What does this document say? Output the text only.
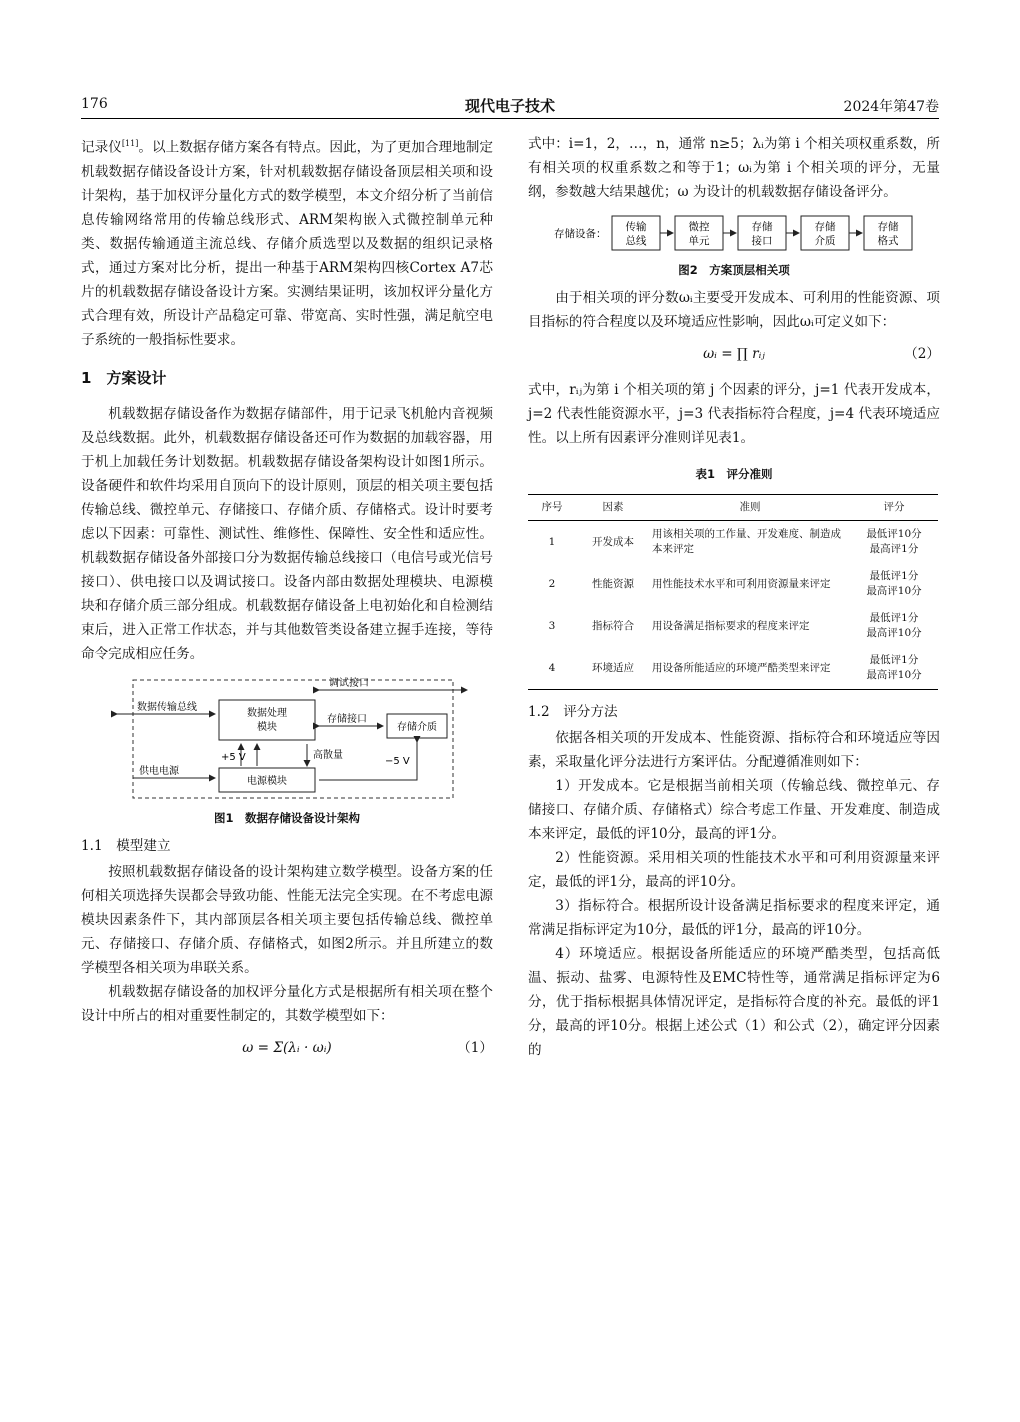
176	现代电子技术	2024年第47卷

记录仪[11]。以上数据存储方案各有特点。因此，为了更加合理地制定机载数据存储设备设计方案，针对机载数据存储设备顶层相关项和设计架构，基于加权评分量化方式的数学模型，本文介绍分析了当前信息传输网络常用的传输总线形式、ARM架构嵌入式微控制单元种类、数据传输通道主流总线、存储介质选型以及数据的组织记录格式，通过方案对比分析，提出一种基于ARM架构四核Cortex A7芯片的机载数据存储设备设计方案。实测结果证明，该加权评分量化方式合理有效，所设计产品稳定可靠、带宽高、实时性强，满足航空电子系统的一般指标性要求。

1　方案设计

机载数据存储设备作为数据存储部件，用于记录飞机舱内音视频及总线数据。此外，机载数据存储设备还可作为数据的加载容器，用于机上加载任务计划数据。机载数据存储设备架构设计如图1所示。设备硬件和软件均采用自顶向下的设计原则，顶层的相关项主要包括传输总线、微控单元、存储接口、存储介质、存储格式。设计时要考虑以下因素：可靠性、测试性、维修性、保障性、安全性和适应性。机载数据存储设备外部接口分为数据传输总线接口（电信号或光信号接口）、供电接口以及调试接口。设备内部由数据处理模块、电源模块和存储介质三部分组成。机载数据存储设备上电初始化和自检测结束后，进入正常工作状态，并与其他数管类设备建立握手连接，等待命令完成相应任务。

数据处理
模块	存储介质
电源模块
调试接口
数据传输总线
存储接口
+5 V	高散量
−5 V
供电电源
图1　数据存储设备设计架构
1.1　模型建立

按照机载数据存储设备的设计架构建立数学模型。设备方案的任何相关项选择失误都会导致功能、性能无法完全实现。在不考虑电源模块因素条件下，其内部顶层各相关项主要包括传输总线、微控单元、存储接口、存储介质、存储格式，如图2所示。并且所建立的数学模型各相关项为串联关系。

机载数据存储设备的加权评分量化方式是根据所有相关项在整个设计中所占的相对重要性制定的，其数学模型如下：

ω = Σ(λᵢ · ωᵢ)	（1）

式中：i=1，2，…，n，通常 n≥5；λᵢ为第 i 个相关项权重系数，所有相关项的权重系数之和等于1；ωᵢ为第 i 个相关项的评分，无量纲，参数越大结果越优；ω 为设计的机载数据存储设备评分。

存储设备：
传输
总线
微控
单元
存储
接口
存储
介质
存储
格式
图2　方案顶层相关项

由于相关项的评分数ωᵢ主要受开发成本、可利用的性能资源、项目指标的符合程度以及环境适应性影响，因此ωᵢ可定义如下：

ωᵢ = ∏ rᵢⱼ	（2）

式中，rᵢⱼ为第 i 个相关项的第 j 个因素的评分，j=1 代表开发成本，j=2 代表性能资源水平，j=3 代表指标符合程度，j=4 代表环境适应性。以上所有因素评分准则详见表1。

表1　评分准则
序号	因素	准则	评分
1	开发成本	用该相关项的工作量、开发难度、制造成本来评定	最低评10分
最高评1分

2	性能资源	用性能技术水平和可利用资源量来评定	最低评1分
最高评10分

3	指标符合	用设备满足指标要求的程度来评定	最低评1分
最高评10分

4	环境适应	用设备所能适应的环境严酷类型来评定	最低评1分
最高评10分
1.2　评分方法

依据各相关项的开发成本、性能资源、指标符合和环境适应等因素，采取量化评分法进行方案评估。分配遵循准则如下：

1）开发成本。它是根据当前相关项（传输总线、微控单元、存储接口、存储介质、存储格式）综合考虑工作量、开发难度、制造成本来评定，最低的评10分，最高的评1分。

2）性能资源。采用相关项的性能技术水平和可利用资源量来评定，最低的评1分，最高的评10分。

3）指标符合。根据所设计设备满足指标要求的程度来评定，通常满足指标评定为10分，最低的评1分，最高的评10分。

4）环境适应。根据设备所能适应的环境严酷类型，包括高低温、振动、盐雾、电源特性及EMC特性等，通常满足指标评定为6分，优于指标根据具体情况评定，是指标符合度的补充。最低的评1分，最高的评10分。根据上述公式（1）和公式（2），确定评分因素的
